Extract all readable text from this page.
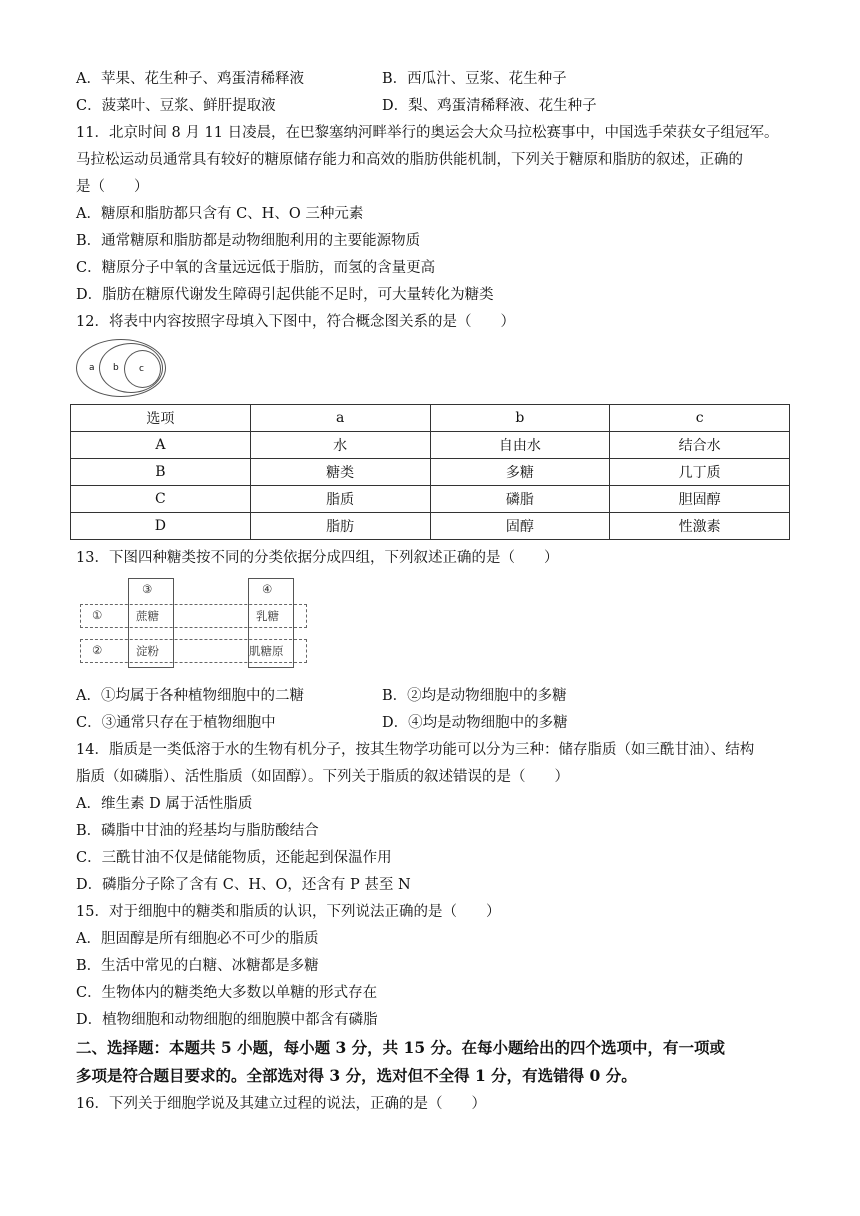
A．苹果、花生种子、鸡蛋清稀释液	B．西瓜汁、豆浆、花生种子
C．菠菜叶、豆浆、鲜肝提取液	D．梨、鸡蛋清稀释液、花生种子
11．北京时间 8 月 11 日凌晨，在巴黎塞纳河畔举行的奥运会大众马拉松赛事中，中国选手荣获女子组冠军。
马拉松运动员通常具有较好的糖原储存能力和高效的脂肪供能机制，下列关于糖原和脂肪的叙述，正确的
是（　　）
A．糖原和脂肪都只含有 C、H、O 三种元素
B．通常糖原和脂肪都是动物细胞利用的主要能源物质
C．糖原分子中氧的含量远远低于脂肪，而氢的含量更高
D．脂肪在糖原代谢发生障碍引起供能不足时，可大量转化为糖类
12．将表中内容按照字母填入下图中，符合概念图关系的是（　　）
a b c
选项	a	b	c
A	水	自由水	结合水
B	糖类	多糖	几丁质
C	脂质	磷脂	胆固醇
D	脂肪	固醇	性激素
13．下图四种糖类按不同的分类依据分成四组，下列叙述正确的是（　　）
③	④
①
②
蔗糖	乳糖
淀粉	肌糖原
A．①均属于各种植物细胞中的二糖	B．②均是动物细胞中的多糖
C．③通常只存在于植物细胞中	D．④均是动物细胞中的多糖
14．脂质是一类低溶于水的生物有机分子，按其生物学功能可以分为三种：储存脂质（如三酰甘油）、结构
脂质（如磷脂）、活性脂质（如固醇）。下列关于脂质的叙述错误的是（　　）
A．维生素 D 属于活性脂质
B．磷脂中甘油的羟基均与脂肪酸结合
C．三酰甘油不仅是储能物质，还能起到保温作用
D．磷脂分子除了含有 C、H、O，还含有 P 甚至 N
15．对于细胞中的糖类和脂质的认识，下列说法正确的是（　　）
A．胆固醇是所有细胞必不可少的脂质
B．生活中常见的白糖、冰糖都是多糖
C．生物体内的糖类绝大多数以单糖的形式存在
D．植物细胞和动物细胞的细胞膜中都含有磷脂
二、选择题：本题共 5 小题，每小题 3 分，共 15 分。在每小题给出的四个选项中，有一项或
多项是符合题目要求的。全部选对得 3 分，选对但不全得 1 分，有选错得 0 分。
16．下列关于细胞学说及其建立过程的说法，正确的是（　　）
